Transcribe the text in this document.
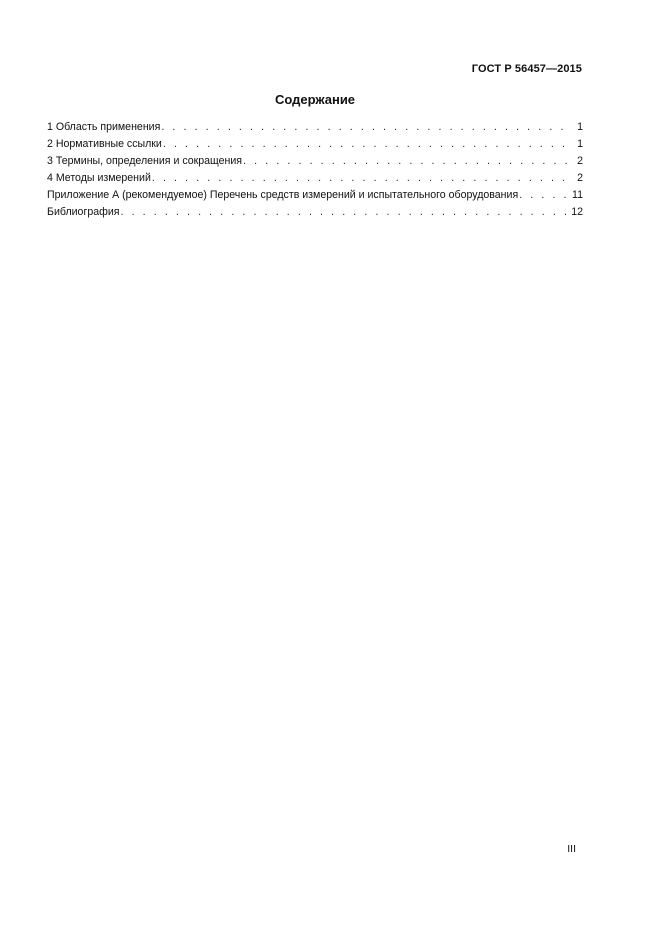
ГОСТ Р 56457—2015
Содержание
1 Область применения . . .	1
2 Нормативные ссылки . . .	1
3 Термины, определения и сокращения . . .	2
4 Методы измерений . . .	2
Приложение А (рекомендуемое) Перечень средств измерений и испытательного оборудования . . .	11
Библиография . . .	12
III
